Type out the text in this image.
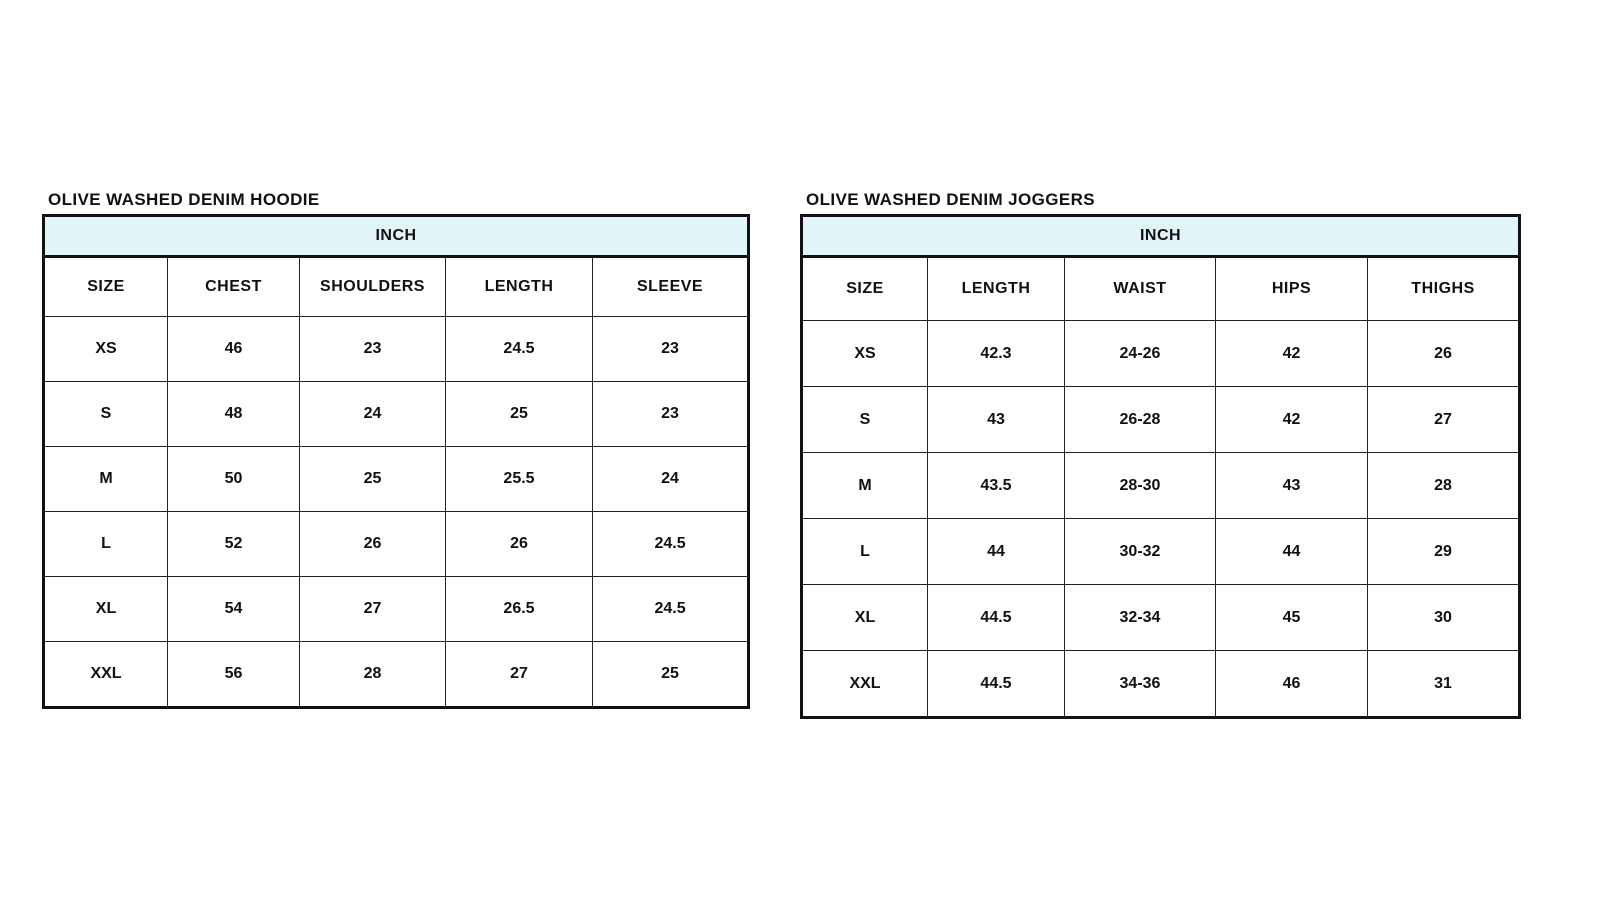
OLIVE WASHED DENIM HOODIE
INCH				
SIZE	CHEST	SHOULDERS	LENGTH	SLEEVE
XS	46	23	24.5	23
S	48	24	25	23
M	50	25	25.5	24
L	52	26	26	24.5
XL	54	27	26.5	24.5
XXL	56	28	27	25
OLIVE WASHED DENIM JOGGERS
INCH				
SIZE	LENGTH	WAIST	HIPS	THIGHS
XS	42.3	24-26	42	26
S	43	26-28	42	27
M	43.5	28-30	43	28
L	44	30-32	44	29
XL	44.5	32-34	45	30
XXL	44.5	34-36	46	31
